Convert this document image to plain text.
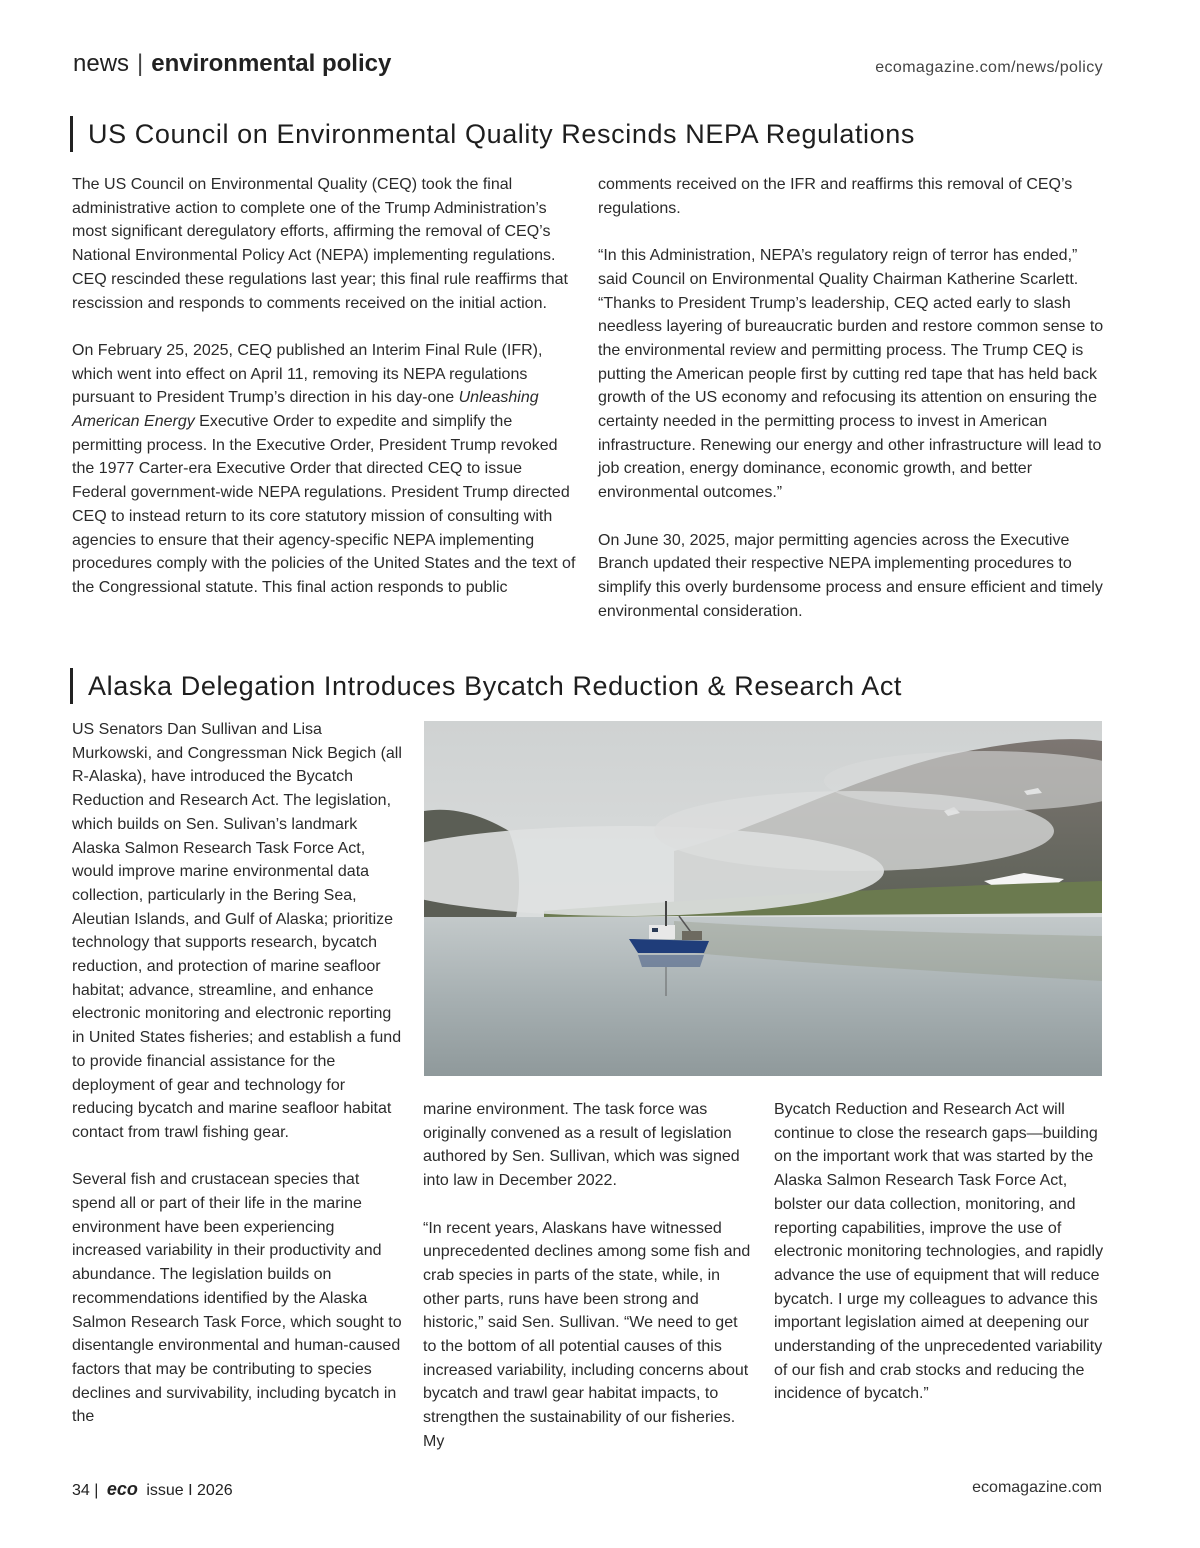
news | environmental policy	ecomagazine.com/news/policy
US Council on Environmental Quality Rescinds NEPA Regulations

The US Council on Environmental Quality (CEQ) took the final administrative action to complete one of the Trump Administration’s most significant deregulatory efforts, affirming the removal of CEQ’s National Environmental Policy Act (NEPA) implementing regulations. CEQ rescinded these regulations last year; this final rule reaffirms that rescission and responds to comments received on the initial action.

On February 25, 2025, CEQ published an Interim Final Rule (IFR), which went into effect on April 11, removing its NEPA regulations pursuant to President Trump’s direction in his day-one Unleashing American Energy Executive Order to expedite and simplify the permitting process. In the Executive Order, President Trump revoked the 1977 Carter-era Executive Order that directed CEQ to issue Federal government-wide NEPA regulations. President Trump directed CEQ to instead return to its core statutory mission of consulting with agencies to ensure that their agency-specific NEPA implementing procedures comply with the policies of the United States and the text of the Congressional statute. This final action responds to public

comments received on the IFR and reaffirms this removal of CEQ’s regulations.

“In this Administration, NEPA’s regulatory reign of terror has ended,” said Council on Environmental Quality Chairman Katherine Scarlett. “Thanks to President Trump’s leadership, CEQ acted early to slash needless layering of bureaucratic burden and restore common sense to the environmental review and permitting process. The Trump CEQ is putting the American people first by cutting red tape that has held back growth of the US economy and refocusing its attention on ensuring the certainty needed in the permitting process to invest in American infrastructure. Renewing our energy and other infrastructure will lead to job creation, energy dominance, economic growth, and better environmental outcomes.”

On June 30, 2025, major permitting agencies across the Executive Branch updated their respective NEPA implementing procedures to simplify this overly burdensome process and ensure efficient and timely environmental consideration.

Alaska Delegation Introduces Bycatch Reduction & Research Act

US Senators Dan Sullivan and Lisa Murkowski, and Congressman Nick Begich (all R-Alaska), have introduced the Bycatch Reduction and Research Act. The legislation, which builds on Sen. Sulivan’s landmark Alaska Salmon Research Task Force Act, would improve marine environmental data collection, particularly in the Bering Sea, Aleutian Islands, and Gulf of Alaska; prioritize technology that supports research, bycatch reduction, and protection of marine seafloor habitat; advance, streamline, and enhance electronic monitoring and electronic reporting in United States fisheries; and establish a fund to provide financial assistance for the deployment of gear and technology for reducing bycatch and marine seafloor habitat contact from trawl fishing gear.

Several fish and crustacean species that spend all or part of their life in the marine environment have been experiencing increased variability in their productivity and abundance. The legislation builds on recommendations identified by the Alaska Salmon Research Task Force, which sought to disentangle environmental and human-caused factors that may be contributing to species declines and survivability, including bycatch in the

marine environment. The task force was originally convened as a result of legislation authored by Sen. Sullivan, which was signed into law in December 2022.

“In recent years, Alaskans have witnessed unprecedented declines among some fish and crab species in parts of the state, while, in other parts, runs have been strong and historic,” said Sen. Sullivan. “We need to get to the bottom of all potential causes of this increased variability, including concerns about bycatch and trawl gear habitat impacts, to strengthen the sustainability of our fisheries. My

Bycatch Reduction and Research Act will continue to close the research gaps—building on the important work that was started by the Alaska Salmon Research Task Force Act, bolster our data collection, monitoring, and reporting capabilities, improve the use of electronic monitoring technologies, and rapidly advance the use of equipment that will reduce bycatch. I urge my colleagues to advance this important legislation aimed at deepening our understanding of the unprecedented variability of our fish and crab stocks and reducing the incidence of bycatch.”

34 | eco issue I 2026	ecomagazine.com
